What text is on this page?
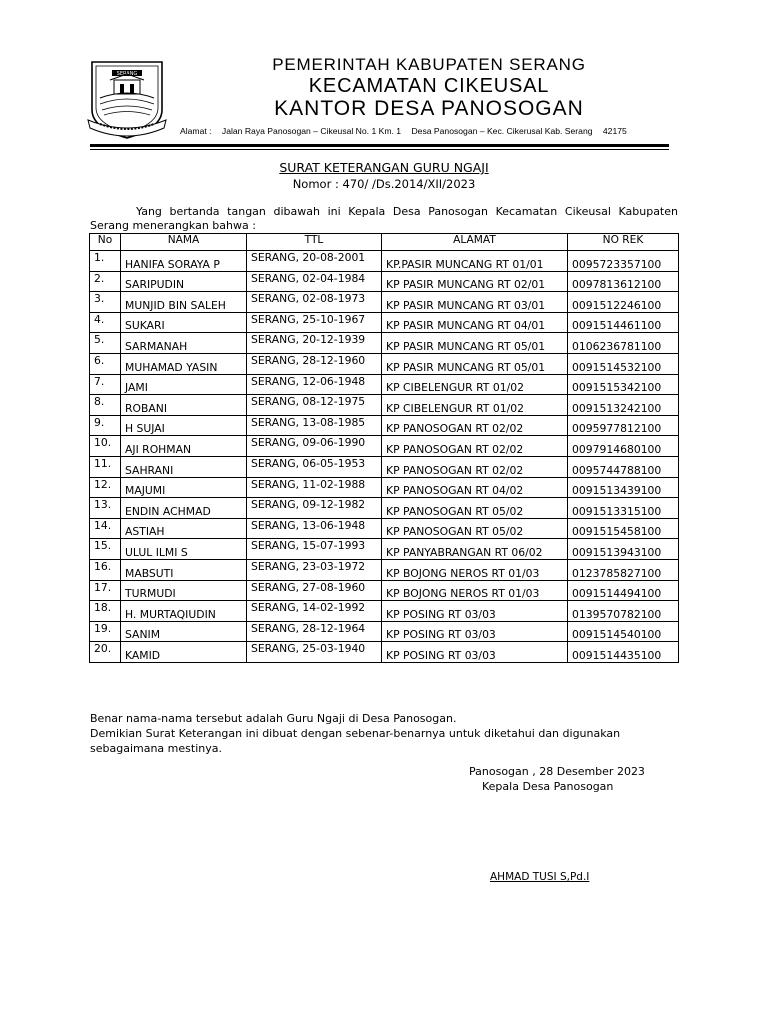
SERANG	PEMERINTAH KABUPATEN SERANG
KECAMATAN CIKEUSAL
KANTOR DESA PANOSOGAN
Alamat : Jalan Raya Panosogan – Cikeusal No. 1 Km. 1 Desa Panosogan – Kec. Cikerusal Kab. Serang 42175
SURAT KETERANGAN GURU NGAJI
Nomor : 470/ /Ds.2014/XII/2023
Yang bertanda tangan dibawah ini Kepala Desa Panosogan Kecamatan Cikeusal Kabupaten Serang menerangkan bahwa :
No	NAMA	TTL	ALAMAT	NO REK
1.	HANIFA SORAYA P	SERANG, 20-08-2001	KP.PASIR MUNCANG RT 01/01	0095723357100
2.	SARIPUDIN	SERANG, 02-04-1984	KP PASIR MUNCANG RT 02/01	0097813612100
3.	MUNJID BIN SALEH	SERANG, 02-08-1973	KP PASIR MUNCANG RT 03/01	0091512246100
4.	SUKARI	SERANG, 25-10-1967	KP PASIR MUNCANG RT 04/01	0091514461100
5.	SARMANAH	SERANG, 20-12-1939	KP PASIR MUNCANG RT 05/01	0106236781100
6.	MUHAMAD YASIN	SERANG, 28-12-1960	KP PASIR MUNCANG RT 05/01	0091514532100
7.	JAMI	SERANG, 12-06-1948	KP CIBELENGUR RT 01/02	0091515342100
8.	ROBANI	SERANG, 08-12-1975	KP CIBELENGUR RT 01/02	0091513242100
9.	H SUJAI	SERANG, 13-08-1985	KP PANOSOGAN RT 02/02	0095977812100
10.	AJI ROHMAN	SERANG, 09-06-1990	KP PANOSOGAN RT 02/02	0097914680100
11.	SAHRANI	SERANG, 06-05-1953	KP PANOSOGAN RT 02/02	0095744788100
12.	MAJUMI	SERANG, 11-02-1988	KP PANOSOGAN RT 04/02	0091513439100
13.	ENDIN ACHMAD	SERANG, 09-12-1982	KP PANOSOGAN RT 05/02	0091513315100
14.	ASTIAH	SERANG, 13-06-1948	KP PANOSOGAN RT 05/02	0091515458100
15.	ULUL ILMI S	SERANG, 15-07-1993	KP PANYABRANGAN RT 06/02	0091513943100
16.	MABSUTI	SERANG, 23-03-1972	KP BOJONG NEROS RT 01/03	0123785827100
17.	TURMUDI	SERANG, 27-08-1960	KP BOJONG NEROS RT 01/03	0091514494100
18.	H. MURTAQIUDIN	SERANG, 14-02-1992	KP POSING RT 03/03	0139570782100
19.	SANIM	SERANG, 28-12-1964	KP POSING RT 03/03	0091514540100
20.	KAMID	SERANG, 25-03-1940	KP POSING RT 03/03	0091514435100
Benar nama-nama tersebut adalah Guru Ngaji di Desa Panosogan.
Demikian Surat Keterangan ini dibuat dengan sebenar-benarnya untuk diketahui dan digunakan sebagaimana mestinya.
Panosogan , 28 Desember 2023
Kepala Desa Panosogan
AHMAD TUSI S,Pd.I
